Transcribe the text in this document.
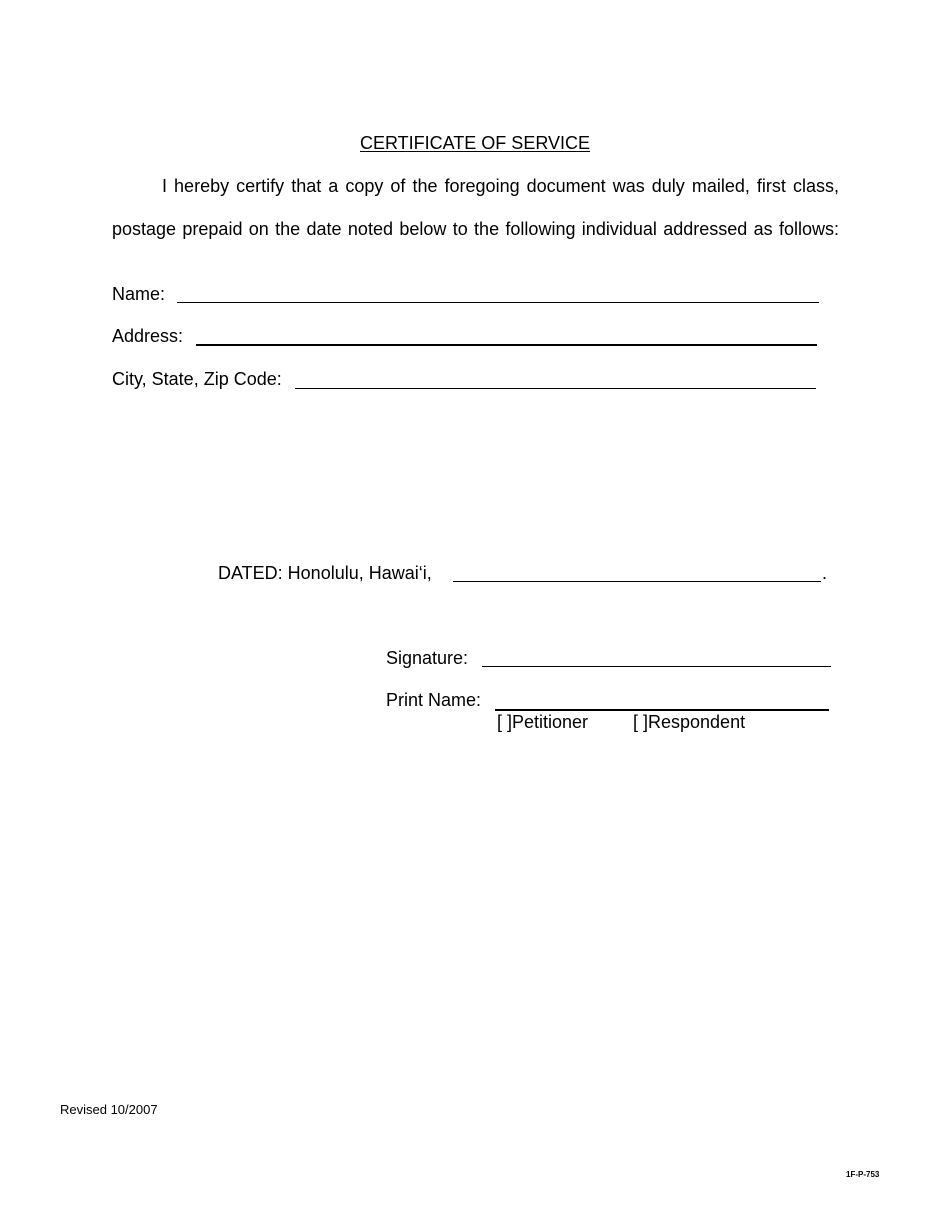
CERTIFICATE OF SERVICE
I hereby certify that a copy of the foregoing document was duly mailed, first class,
postage prepaid on the date noted below to the following individual addressed as follows:
Name:
Address:
City, State, Zip Code:
DATED: Honolulu, Hawai‘i,	.
Signature:
Print Name:
[ ]Petitioner [ ]Respondent
Revised 10/2007
1F-P-753
